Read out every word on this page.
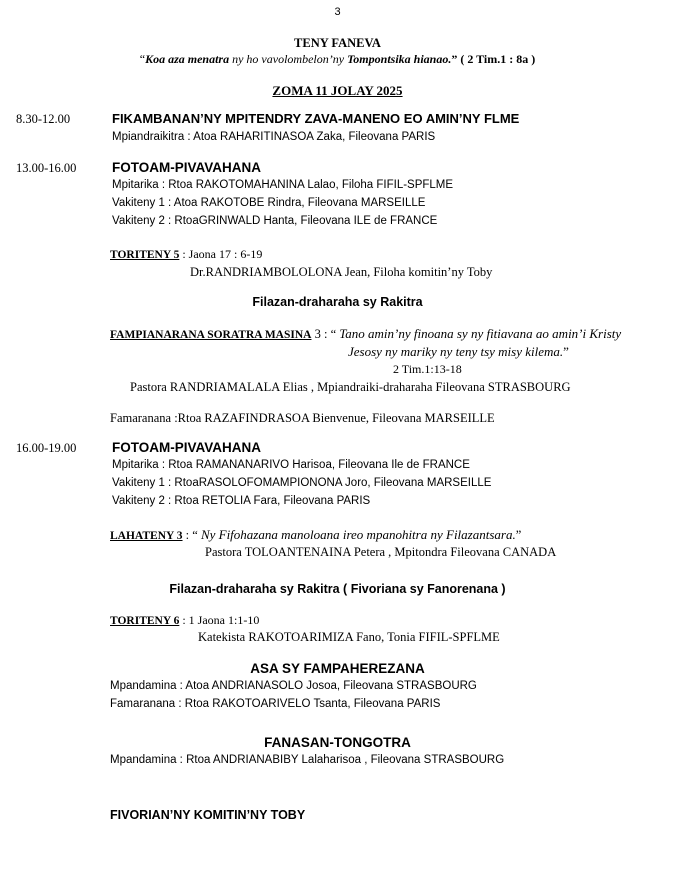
3
TENY FANEVA
“Koa aza menatra ny ho vavolombelon’ny Tompontsika hianao.” ( 2 Tim.1 : 8a )
ZOMA 11 JOLAY 2025
8.30-12.00	FIKAMBANAN’NY MPITENDRY ZAVA-MANENO EO AMIN’NY FLME
Mpiandraikitra : Atoa RAHARITINASOA Zaka, Fileovana PARIS
13.00-16.00	FOTOAM-PIVAVAHANA
Mpitarika : Rtoa RAKOTOMAHANINA Lalao, Filoha FIFIL-SPFLME
Vakiteny 1 : Atoa RAKOTOBE Rindra, Fileovana MARSEILLE
Vakiteny 2 : RtoaGRINWALD Hanta, Fileovana ILE de FRANCE
TORITENY 5 : Jaona 17 : 6-19
Dr.RANDRIAMBOLOLONA Jean, Filoha komitin’ny Toby
Filazan-draharaha sy Rakitra
FAMPIANARANA SORATRA MASINA 3 : “ Tano amin’ny finoana sy ny fitiavana ao amin’i Kristy
Jesosy ny mariky ny teny tsy misy kilema.”
2 Tim.1:13-18
Pastora RANDRIAMALALA Elias , Mpiandraiki-draharaha Fileovana STRASBOURG
Famaranana :Rtoa RAZAFINDRASOA Bienvenue, Fileovana MARSEILLE
16.00-19.00	FOTOAM-PIVAVAHANA
Mpitarika : Rtoa RAMANANARIVO Harisoa, Fileovana Ile de FRANCE
Vakiteny 1 : RtoaRASOLOFOMAMPIONONA Joro, Fileovana MARSEILLE
Vakiteny 2 : Rtoa RETOLIA Fara, Fileovana PARIS
LAHATENY 3 : “ Ny Fifohazana manoloana ireo mpanohitra ny Filazantsara.”
Pastora TOLOANTENAINA Petera , Mpitondra Fileovana CANADA
Filazan-draharaha sy Rakitra ( Fivoriana sy Fanorenana )
TORITENY 6 : 1 Jaona 1:1-10
Katekista RAKOTOARIMIZA Fano, Tonia FIFIL-SPFLME
ASA SY FAMPAHEREZANA
Mpandamina : Atoa ANDRIANASOLO Josoa, Fileovana STRASBOURG
Famaranana : Rtoa RAKOTOARIVELO Tsanta, Fileovana PARIS
FANASAN-TONGOTRA
Mpandamina : Rtoa ANDRIANABIBY Lalaharisoa , Fileovana STRASBOURG
FIVORIAN’NY KOMITIN’NY TOBY
